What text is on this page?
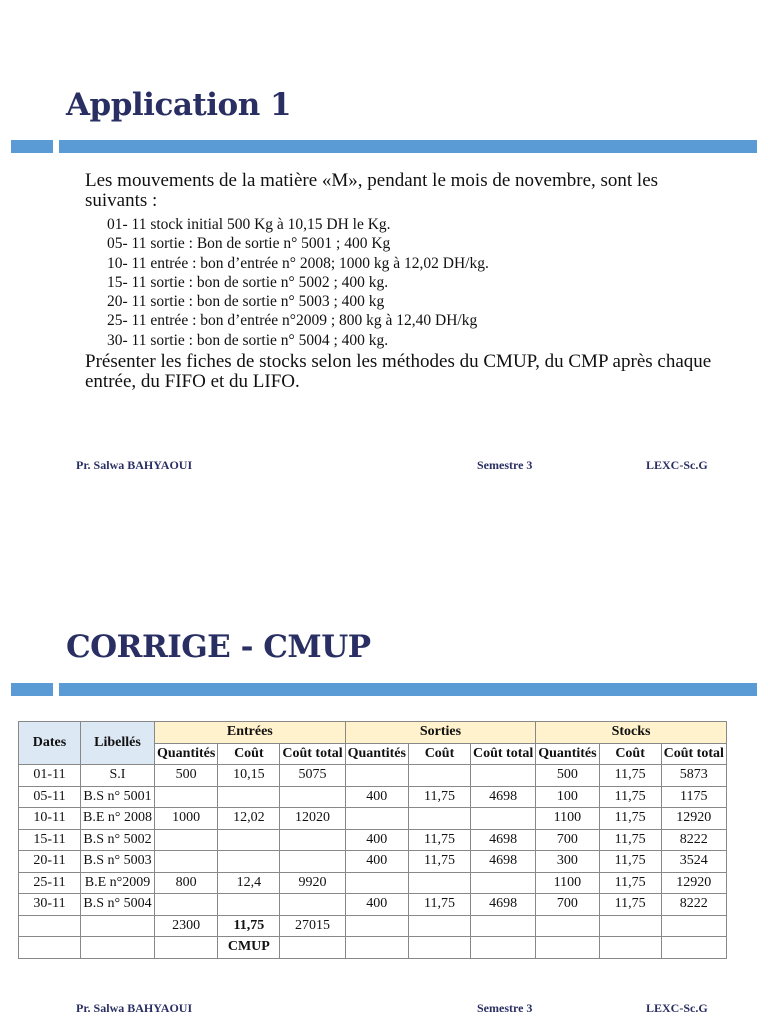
Application 1
Les mouvements de la matière «M», pendant le mois de novembre, sont les suivants :
01- 11 stock initial 500 Kg à 10,15 DH le Kg.
05- 11 sortie : Bon de sortie n° 5001 ; 400 Kg
10- 11 entrée : bon d’entrée n° 2008; 1000 kg à 12,02 DH/kg.
15- 11 sortie : bon de sortie n° 5002 ; 400 kg.
20- 11 sortie : bon de sortie n° 5003 ; 400 kg
25- 11 entrée : bon d’entrée n°2009 ; 800 kg à 12,40 DH/kg
30- 11 sortie : bon de sortie n° 5004 ; 400 kg.
Présenter les fiches de stocks selon les méthodes du CMUP, du CMP après chaque entrée, du FIFO et du LIFO.
Pr. Salwa BAHYAOUI	Semestre 3	LEXC-Sc.G
CORRIGE - CMUP
Dates	Libellés	Entrées			Sorties			Stocks		
		Quantités	Coût	Coût total	Quantités	Coût	Coût total	Quantités	Coût	Coût total
01-11	S.I	500	10,15	5075				500	11,75	5873
05-11	B.S n° 5001				400	11,75	4698	100	11,75	1175
10-11	B.E n° 2008	1000	12,02	12020				1100	11,75	12920
15-11	B.S n° 5002				400	11,75	4698	700	11,75	8222
20-11	B.S n° 5003				400	11,75	4698	300	11,75	3524
25-11	B.E n°2009	800	12,4	9920				1100	11,75	12920
30-11	B.S n° 5004				400	11,75	4698	700	11,75	8222
		2300	11,75	27015						
			CMUP							
Pr. Salwa BAHYAOUI	Semestre 3	LEXC-Sc.G
